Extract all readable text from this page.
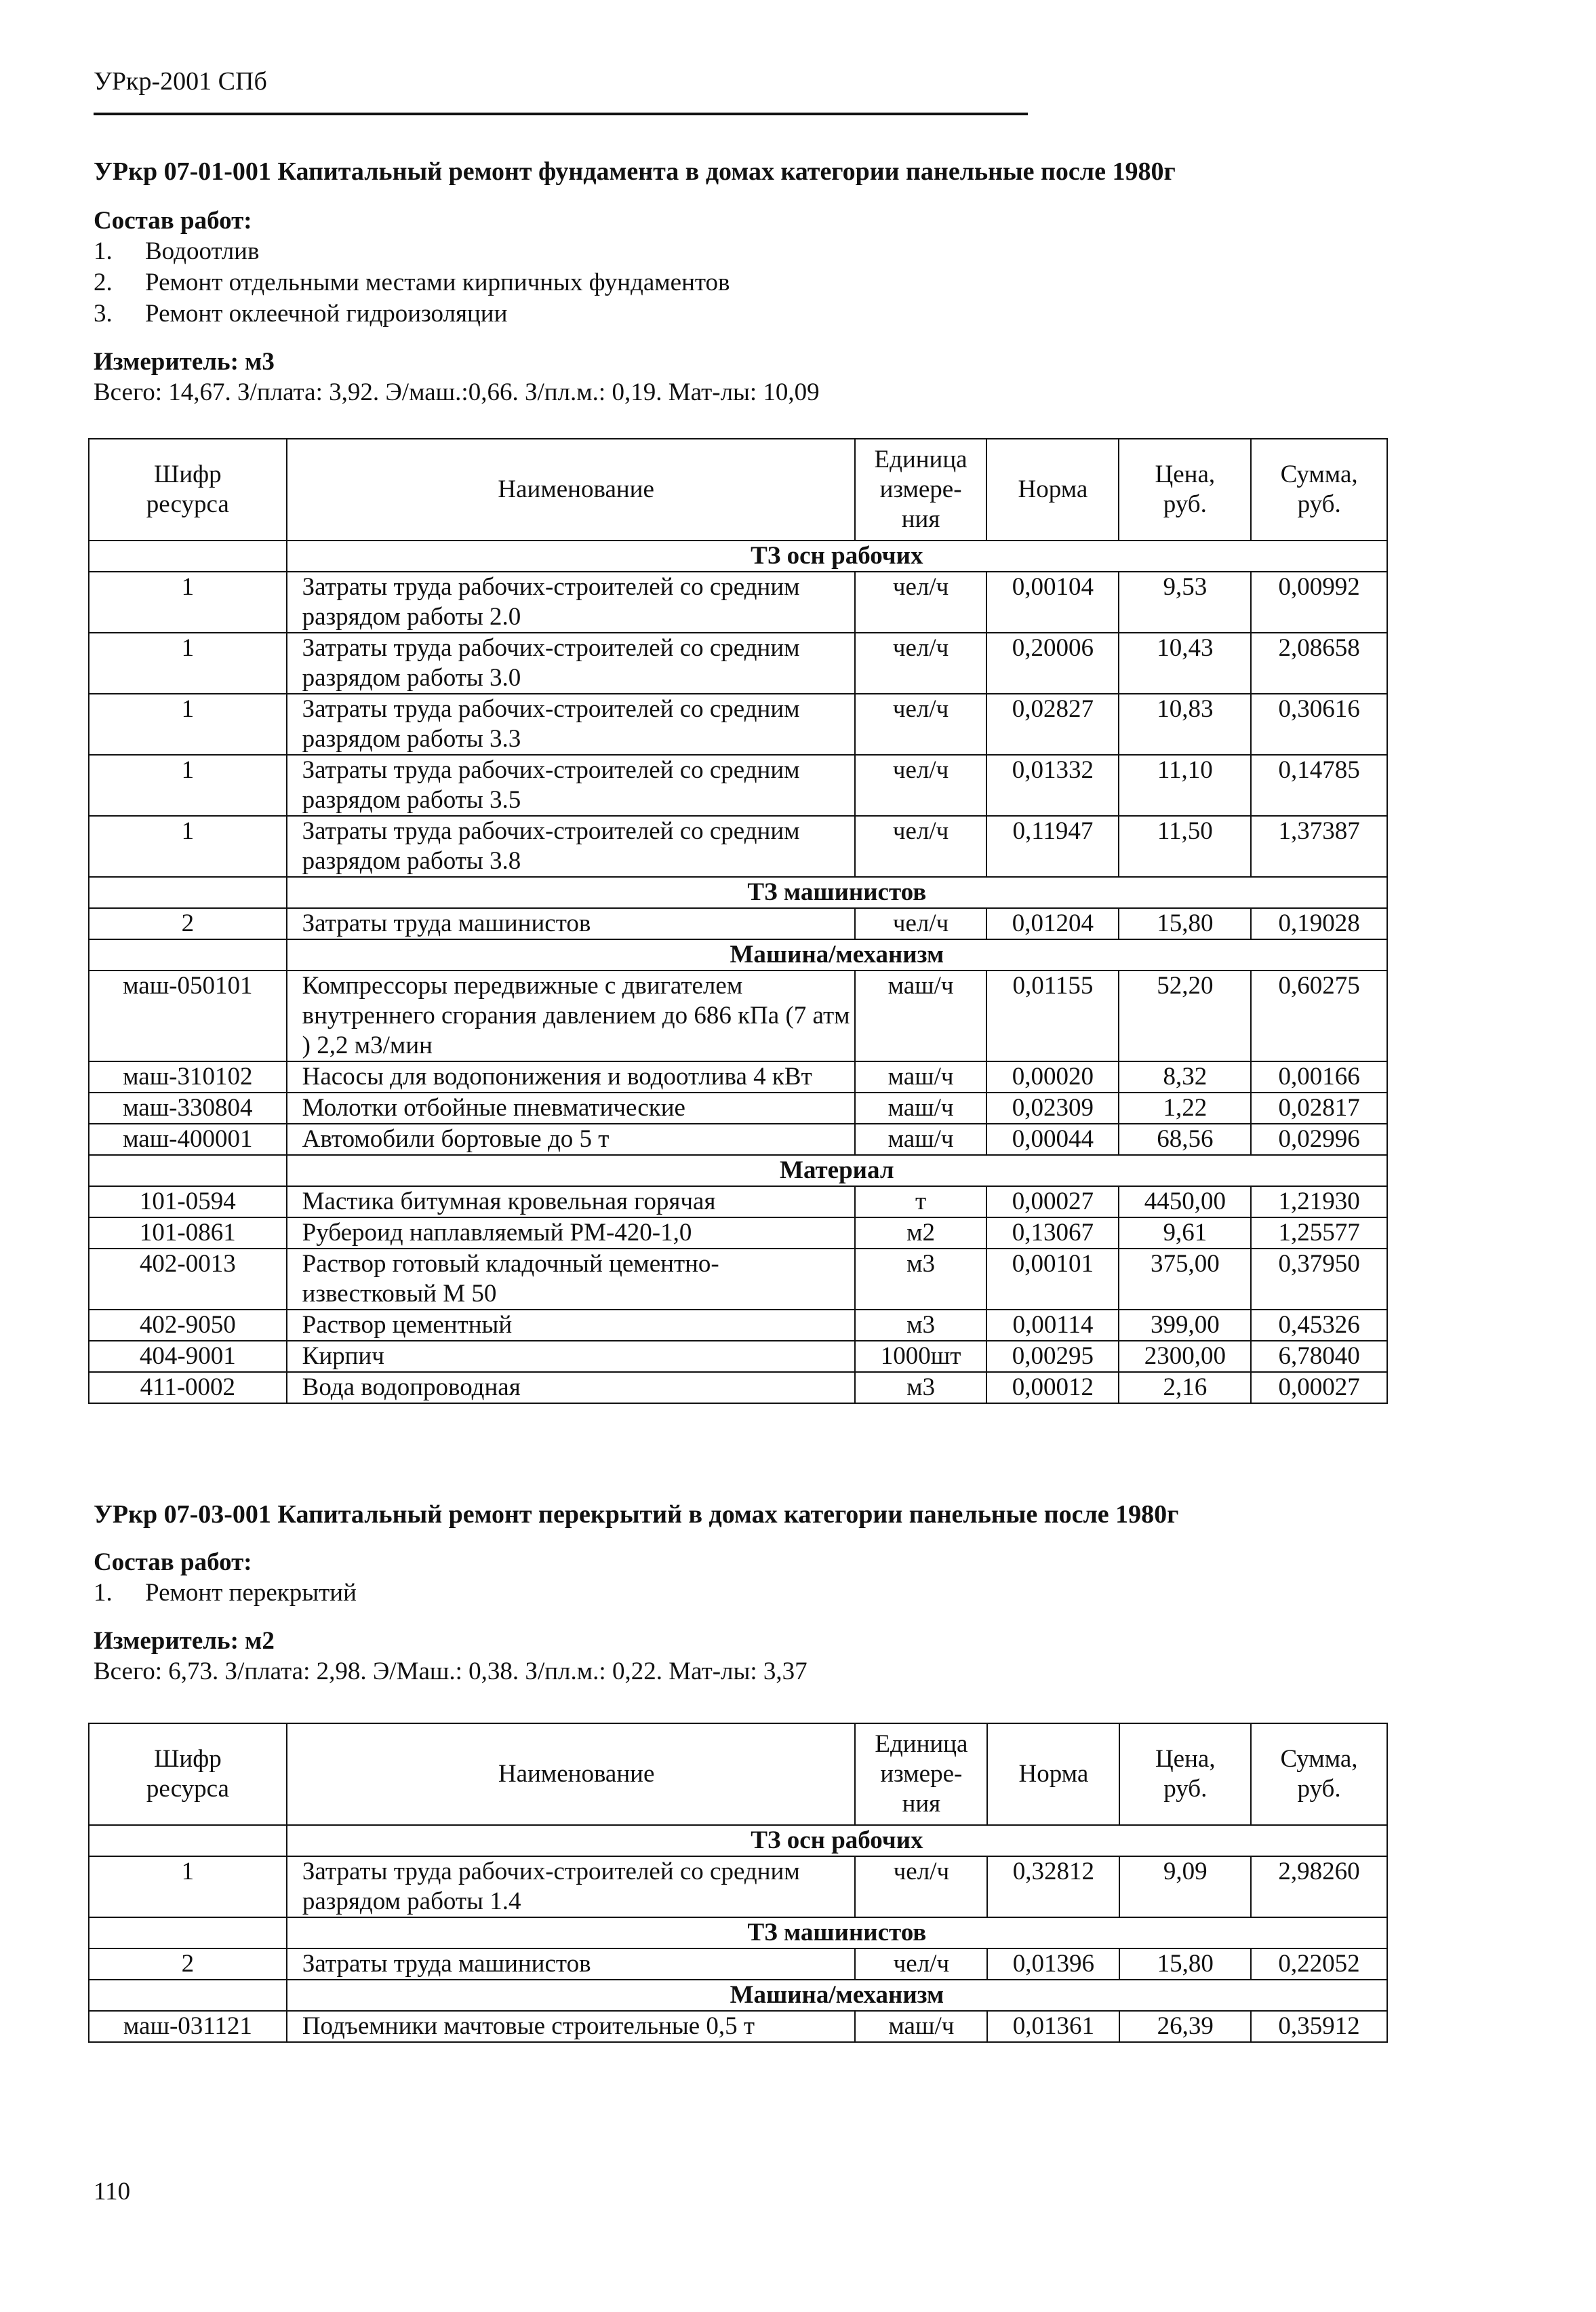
УРкр-2001 СПб
УРкр 07-01-001 Капитальный ремонт фундамента в домах категории панельные после 1980г
Состав работ:
1.	Водоотлив
2.	Ремонт отдельными местами кирпичных фундаментов
3.	Ремонт оклеечной гидроизоляции
Измеритель: м3
Всего: 14,67. З/плата: 3,92. Э/маш.:0,66. З/пл.м.: 0,19. Мат-лы: 10,09
Шифр
ресурса	Наименование	Единица
измере-
ния	Норма	Цена,
руб.	Сумма,
руб.
	ТЗ осн рабочих				
1	Затраты труда рабочих-строителей со средним разрядом работы 2.0	чел/ч	0,00104	9,53	0,00992
1	Затраты труда рабочих-строителей со средним разрядом работы 3.0	чел/ч	0,20006	10,43	2,08658
1	Затраты труда рабочих-строителей со средним разрядом работы 3.3	чел/ч	0,02827	10,83	0,30616
1	Затраты труда рабочих-строителей со средним разрядом работы 3.5	чел/ч	0,01332	11,10	0,14785
1	Затраты труда рабочих-строителей со средним разрядом работы 3.8	чел/ч	0,11947	11,50	1,37387
	ТЗ машинистов				
2	Затраты труда машинистов	чел/ч	0,01204	15,80	0,19028
	Машина/механизм				
маш-050101	Компрессоры передвижные с двигателем внутреннего сгорания давлением до 686 кПа (7 атм ) 2,2 м3/мин	маш/ч	0,01155	52,20	0,60275
маш-310102	Насосы для водопонижения и водоотлива 4 кВт	маш/ч	0,00020	8,32	0,00166
маш-330804	Молотки отбойные пневматические	маш/ч	0,02309	1,22	0,02817
маш-400001	Автомобили бортовые до 5 т	маш/ч	0,00044	68,56	0,02996
	Материал				
101-0594	Мастика битумная кровельная горячая	т	0,00027	4450,00	1,21930
101-0861	Рубероид наплавляемый РМ-420-1,0	м2	0,13067	9,61	1,25577
402-0013	Раствор готовый кладочный цементно-известковый М 50	м3	0,00101	375,00	0,37950
402-9050	Раствор цементный	м3	0,00114	399,00	0,45326
404-9001	Кирпич	1000шт	0,00295	2300,00	6,78040
411-0002	Вода водопроводная	м3	0,00012	2,16	0,00027
УРкр 07-03-001 Капитальный ремонт перекрытий в домах категории панельные после 1980г
Состав работ:
1.	Ремонт перекрытий
Измеритель: м2
Всего: 6,73. З/плата: 2,98. Э/Маш.: 0,38. З/пл.м.: 0,22. Мат-лы: 3,37
Шифр
ресурса	Наименование	Единица
измере-
ния	Норма	Цена,
руб.	Сумма,
руб.
	ТЗ осн рабочих				
1	Затраты труда рабочих-строителей со средним разрядом работы 1.4	чел/ч	0,32812	9,09	2,98260
	ТЗ машинистов				
2	Затраты труда машинистов	чел/ч	0,01396	15,80	0,22052
	Машина/механизм				
маш-031121	Подъемники мачтовые строительные 0,5 т	маш/ч	0,01361	26,39	0,35912
110
